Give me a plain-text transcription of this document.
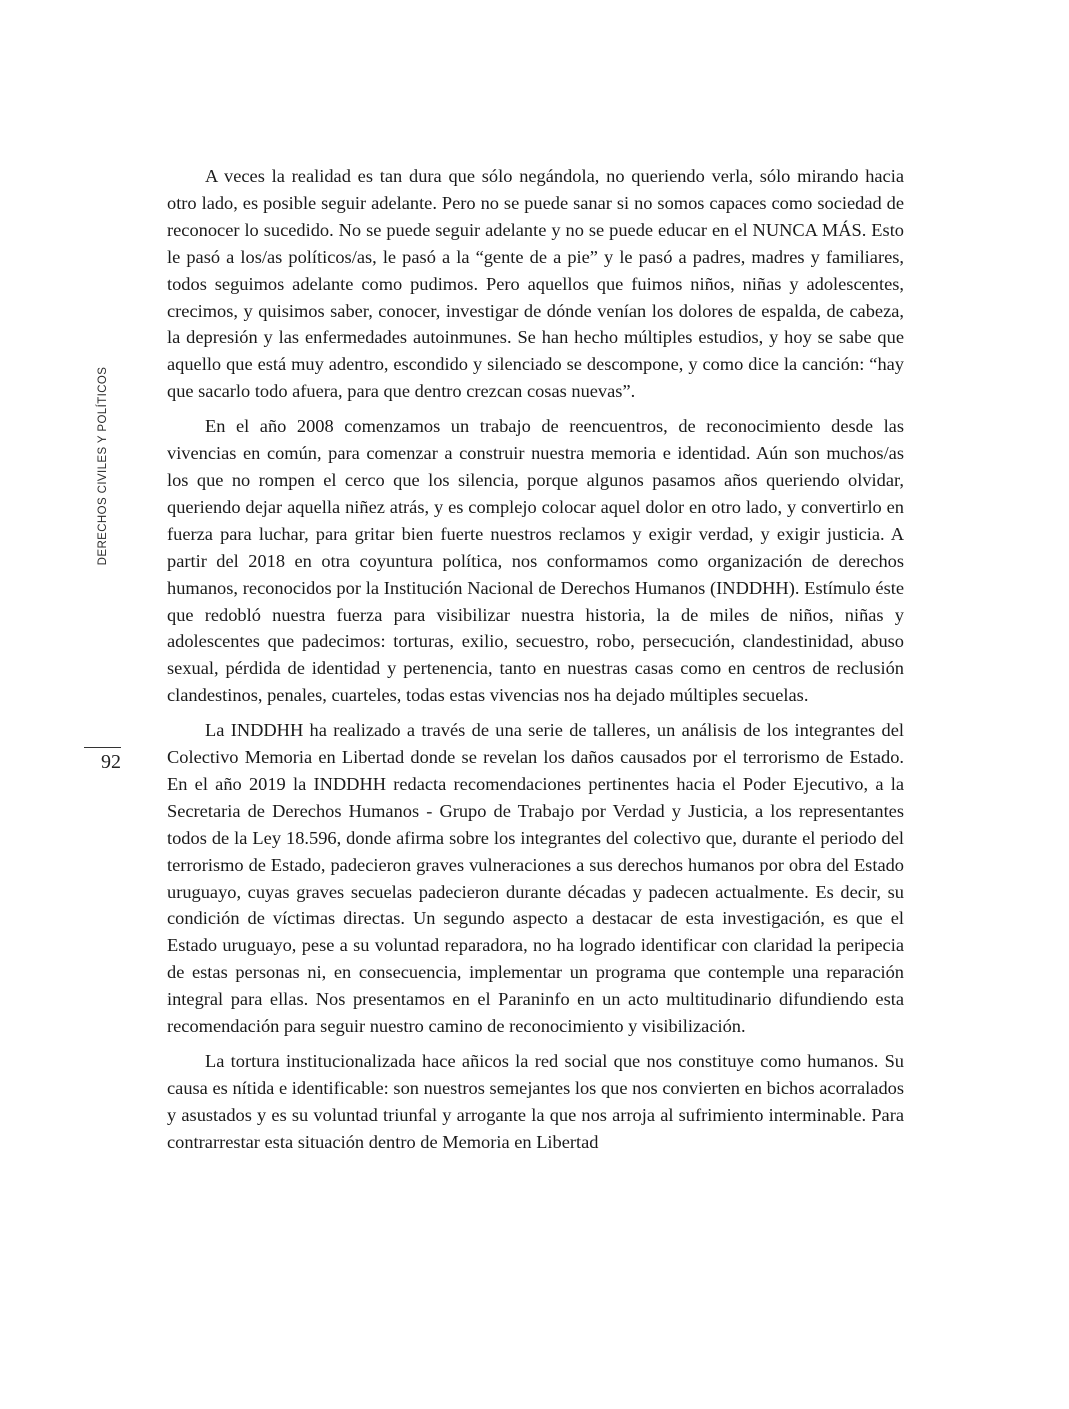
DERECHOS CIVILES Y POLÍTICOS
92

A veces la realidad es tan dura que sólo negándola, no queriendo verla, sólo mirando hacia otro lado, es posible seguir adelante. Pero no se puede sanar si no somos capaces como sociedad de reconocer lo sucedido. No se puede seguir adelante y no se puede educar en el NUNCA MÁS. Esto le pasó a los/as políticos/as, le pasó a la “gente de a pie” y le pasó a padres, madres y familiares, todos seguimos adelante como pudimos. Pero aquellos que fuimos niños, niñas y adolescentes, crecimos, y quisimos saber, conocer, investigar de dónde venían los dolores de espalda, de cabeza, la depresión y las enfermedades autoinmunes. Se han hecho múltiples estudios, y hoy se sabe que aquello que está muy adentro, escondido y silenciado se descompone, y como dice la canción: “hay que sacarlo todo afuera, para que dentro crezcan cosas nuevas”.

En el año 2008 comenzamos un trabajo de reencuentros, de reconocimiento desde las vivencias en común, para comenzar a construir nuestra memoria e identidad. Aún son muchos/as los que no rompen el cerco que los silencia, porque algunos pasamos años queriendo olvidar, queriendo dejar aquella niñez atrás, y es complejo colocar aquel dolor en otro lado, y convertirlo en fuerza para luchar, para gritar bien fuerte nuestros reclamos y exigir verdad, y exigir justicia. A partir del 2018 en otra coyuntura política, nos conformamos como organización de derechos humanos, reconocidos por la Institución Nacional de Derechos Humanos (INDDHH). Estímulo éste que redobló nuestra fuerza para visibilizar nuestra historia, la de miles de niños, niñas y adolescentes que padecimos: torturas, exilio, secuestro, robo, persecución, clandestinidad, abuso sexual, pérdida de identidad y pertenencia, tanto en nuestras casas como en centros de reclusión clandestinos, penales, cuarteles, todas estas vivencias nos ha dejado múltiples secuelas.

La INDDHH ha realizado a través de una serie de talleres, un análisis de los integrantes del Colectivo Memoria en Libertad donde se revelan los daños causados por el terrorismo de Estado. En el año 2019 la INDDHH redacta recomendaciones pertinentes hacia el Poder Ejecutivo, a la Secretaria de Derechos Humanos - Grupo de Trabajo por Verdad y Justicia, a los representantes todos de la Ley 18.596, donde afirma sobre los integrantes del colectivo que, durante el periodo del terrorismo de Estado, padecieron graves vulneraciones a sus derechos humanos por obra del Estado uruguayo, cuyas graves secuelas padecieron durante décadas y padecen actualmente. Es decir, su condición de víctimas directas. Un segundo aspecto a destacar de esta investigación, es que el Estado uruguayo, pese a su voluntad reparadora, no ha logrado identificar con claridad la peripecia de estas personas ni, en consecuencia, implementar un programa que contemple una reparación integral para ellas. Nos presentamos en el Paraninfo en un acto multitudinario difundiendo esta recomendación para seguir nuestro camino de reconocimiento y visibilización.

La tortura institucionalizada hace añicos la red social que nos constituye como humanos. Su causa es nítida e identificable: son nuestros semejantes los que nos convierten en bichos acorralados y asustados y es su voluntad triunfal y arrogante la que nos arroja al sufrimiento interminable. Para contrarrestar esta situación dentro de Memoria en Libertad
